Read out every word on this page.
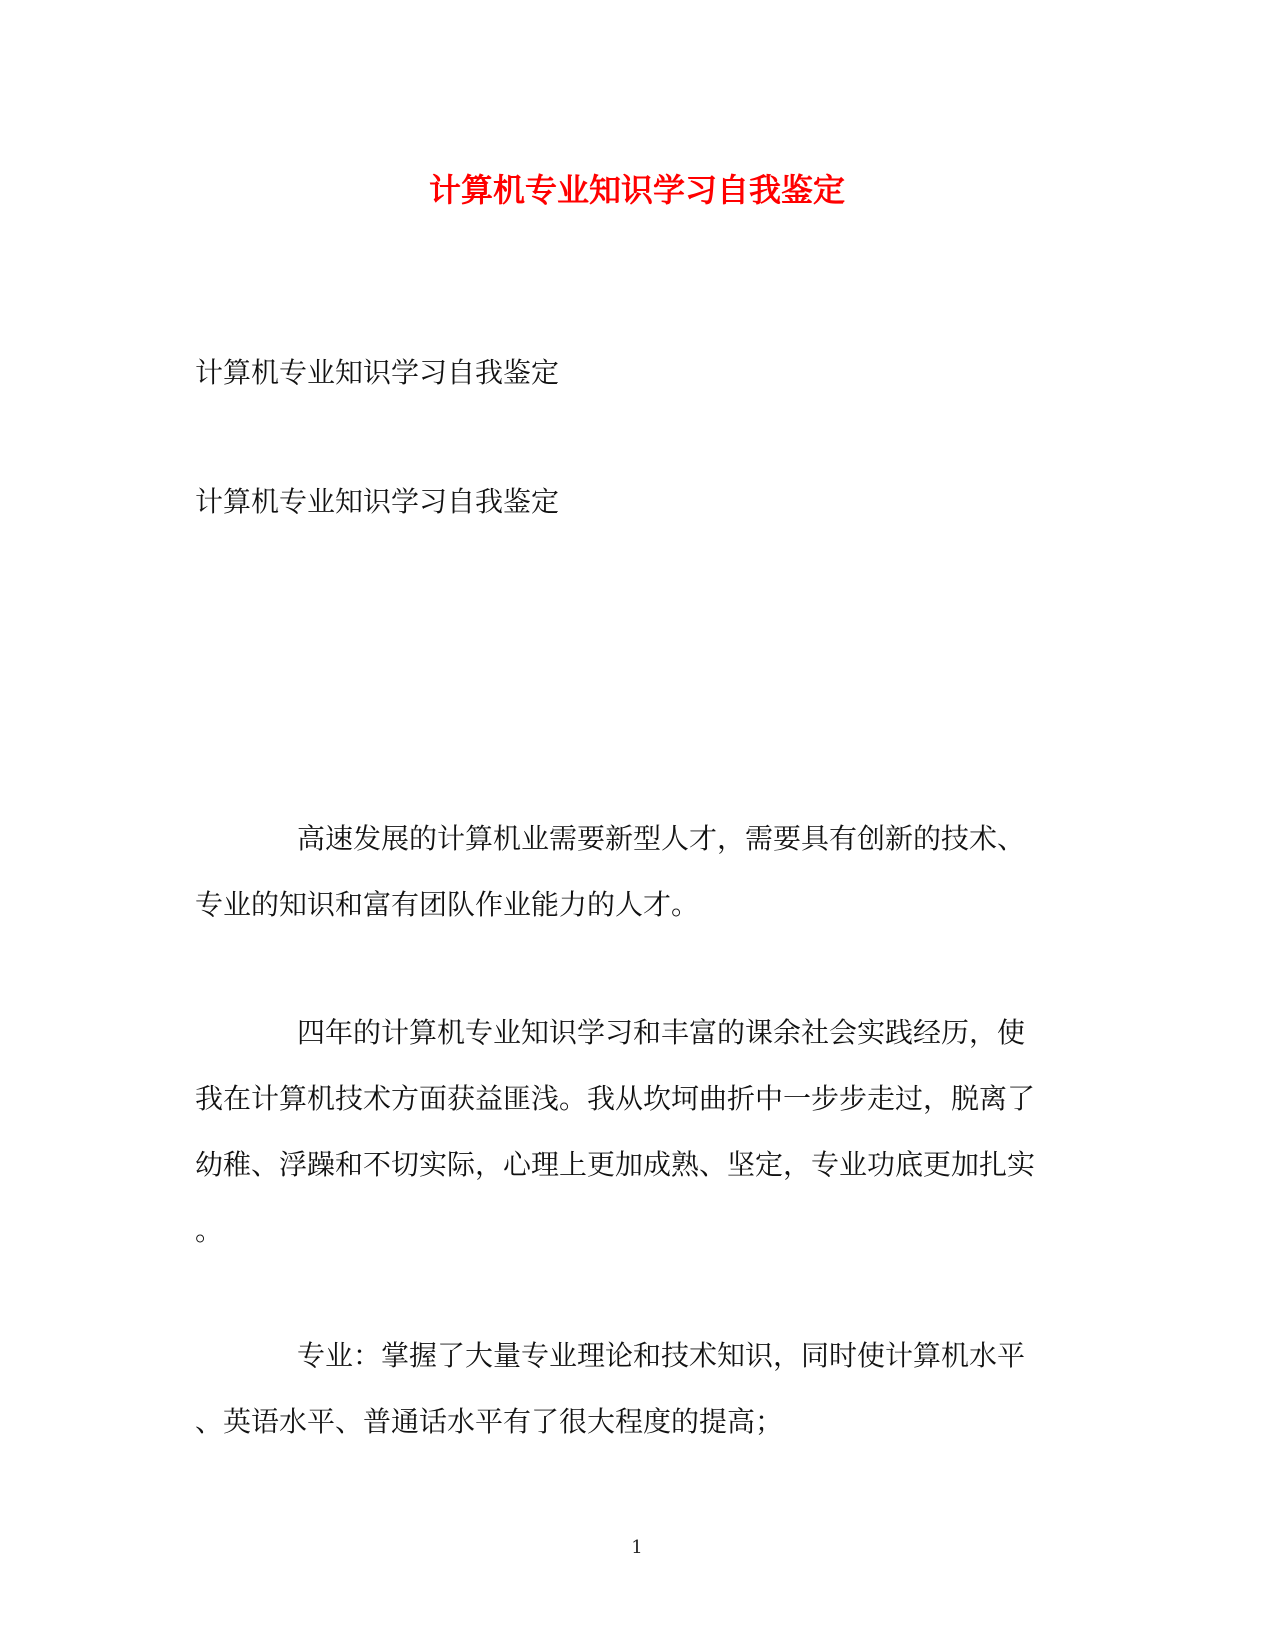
计算机专业知识学习自我鉴定

计算机专业知识学习自我鉴定

计算机专业知识学习自我鉴定

高速发展的计算机业需要新型人才，需要具有创新的技术、
专业的知识和富有团队作业能力的人才。
四年的计算机专业知识学习和丰富的课余社会实践经历，使
我在计算机技术方面获益匪浅。我从坎坷曲折中一步步走过，脱离了
幼稚、浮躁和不切实际，心理上更加成熟、坚定，专业功底更加扎实
。
专业：掌握了大量专业理论和技术知识，同时使计算机水平
、英语水平、普通话水平有了很大程度的提高；

1
